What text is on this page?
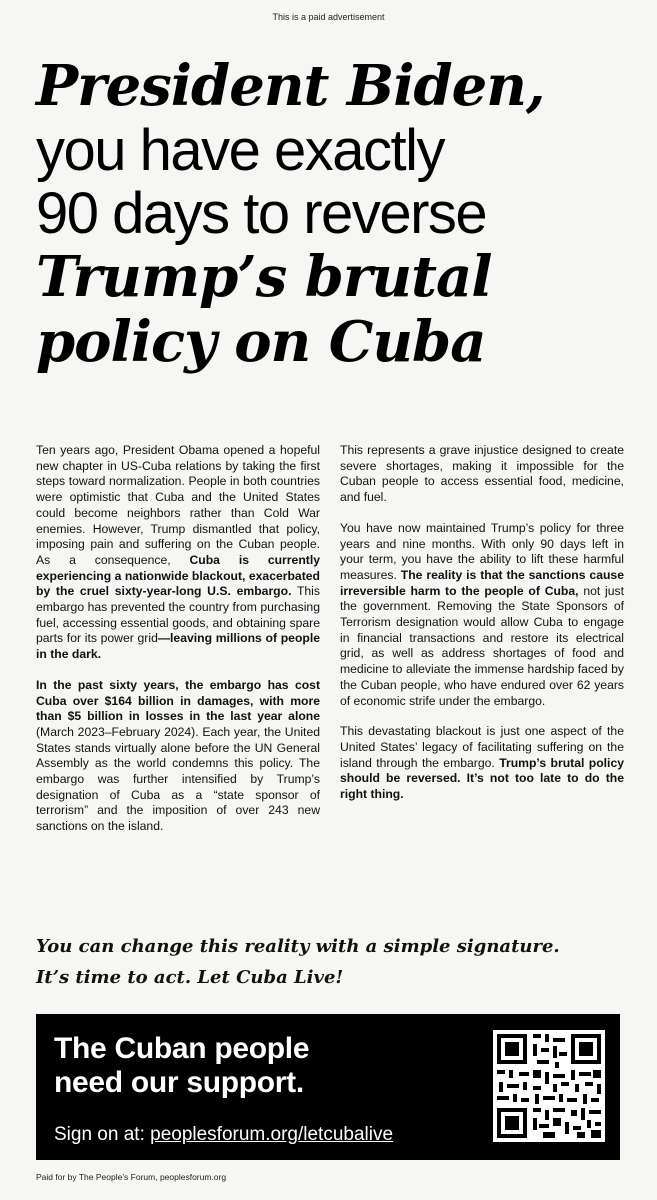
This is a paid advertisement
President Biden,
you have exactly
90 days to reverse
Trump’s brutal
policy on Cuba

Ten years ago, President Obama opened a hopeful new chapter in US-Cuba relations by taking the first steps toward normalization. People in both countries were optimistic that Cuba and the United States could become neighbors rather than Cold War enemies. However, Trump dismantled that policy, imposing pain and suffering on the Cuban people. As a consequence, Cuba is currently experiencing a nationwide blackout, exacerbated by the cruel sixty-year-long U.S. embargo. This embargo has prevented the country from purchasing fuel, accessing essential goods, and obtaining spare parts for its power grid—leaving millions of people in the dark.

In the past sixty years, the embargo has cost Cuba over $164 billion in damages, with more than $5 billion in losses in the last year alone (March 2023–February 2024). Each year, the United States stands virtually alone before the UN General Assembly as the world condemns this policy. The embargo was further intensified by Trump’s designation of Cuba as a “state sponsor of terrorism” and the imposition of over 243 new sanctions on the island.

This represents a grave injustice designed to create severe shortages, making it impossible for the Cuban people to access essential food, medicine, and fuel.

You have now maintained Trump’s policy for three years and nine months. With only 90 days left in your term, you have the ability to lift these harmful measures. The reality is that the sanctions cause irreversible harm to the people of Cuba, not just the government. Removing the State Sponsors of Terrorism designation would allow Cuba to engage in financial transactions and restore its electrical grid, as well as address shortages of food and medicine to alleviate the immense hardship faced by the Cuban people, who have endured over 62 years of economic strife under the embargo.

This devastating blackout is just one aspect of the United States’ legacy of facilitating suffering on the island through the embargo. Trump’s brutal policy should be reversed. It’s not too late to do the right thing.

You can change this reality with a simple signature.
It’s time to act. Let Cuba Live!
The Cuban people
need our support.
Sign on at: peoplesforum.org/letcubalive
Paid for by The People’s Forum, peoplesforum.org
